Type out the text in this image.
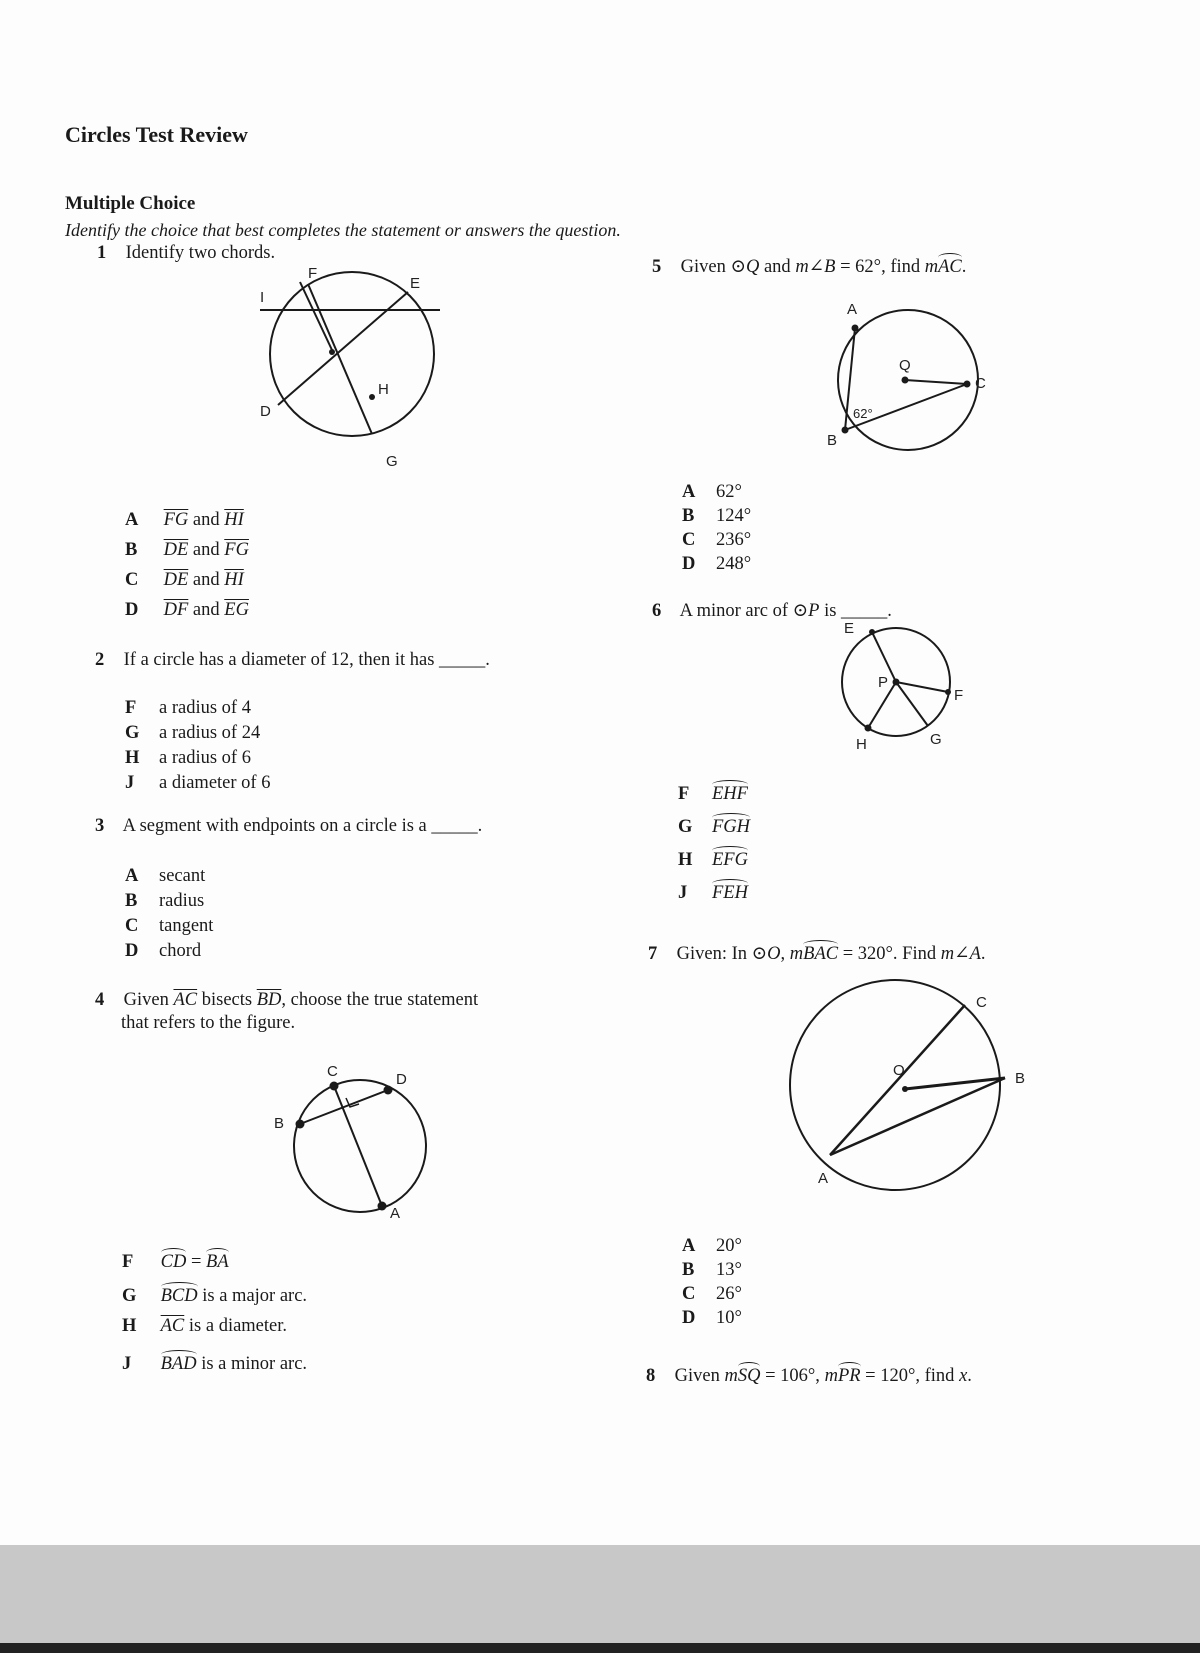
Circles Test Review
Multiple Choice
Identify the choice that best completes the statement or answers the question.
1 Identify two chords.
F
E
I
H
D
G
A $\overline{FG}$ and $\overline{HI}$
B $\overline{DE}$ and $\overline{FG}$
C $\overline{DE}$ and $\overline{HI}$
D $\overline{DF}$ and $\overline{EG}$
2 If a circle has a diameter of 12, then it has _____.
F a radius of 4
G a radius of 24
H a radius of 6
J a diameter of 6
3 A segment with endpoints on a circle is a _____.
A secant
B radius
C tangent
D chord
4 Given $\overline{AC}$ bisects $\overline{BD}$, choose the true statement
that refers to the figure.
C	D
B
A
F CD = BA
G BCD is a major arc.
H $\overline{AC}$ is a diameter.
J BAD is a minor arc.
5 Given ⊙Q and m∠B = 62°, find mAC.
A
Q
C
B
62°
A 62°
B 124°
C 236°
D 248°
6 A minor arc of ⊙P is _____.
E
P
F
H	G
F EHF
G FGH
H EFG
J FEH
7 Given: In ⊙O, mBAC = 320°. Find m∠A.
C
O	B
A
A 20°
B 13°
C 26°
D 10°
8 Given mSQ = 106°, mPR = 120°, find x.
